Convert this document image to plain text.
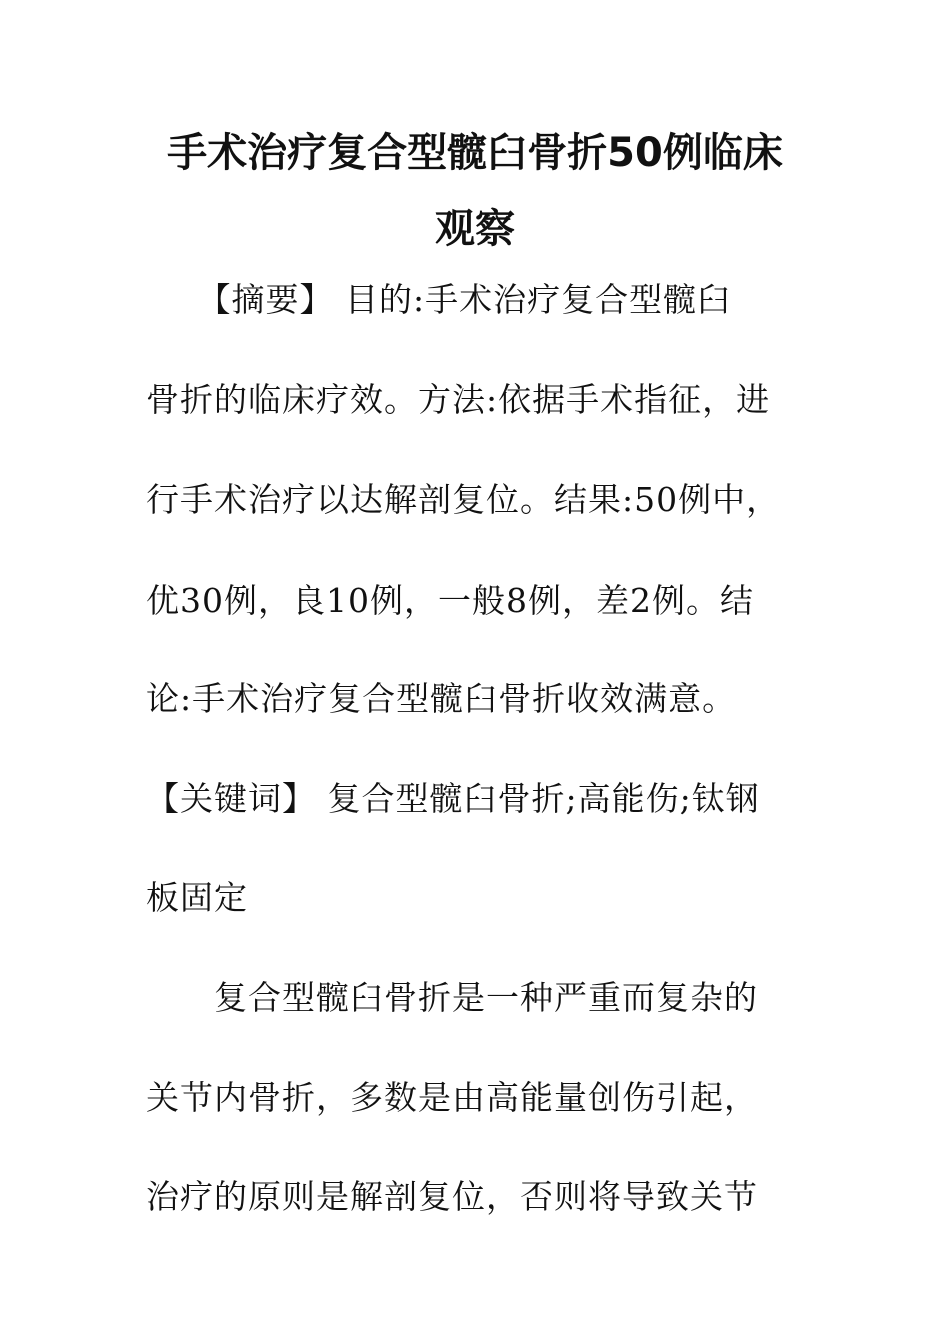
手术治疗复合型髋臼骨折50例临床
观察
　　【摘要】 目的:手术治疗复合型髋臼
骨折的临床疗效。方法:依据手术指征，进
行手术治疗以达解剖复位。结果:50例中，
优30例，良10例，一般8例，差2例。结
论:手术治疗复合型髋臼骨折收效满意。
【关键词】 复合型髋臼骨折;高能伤;钛钢
板固定
　　复合型髋臼骨折是一种严重而复杂的
关节内骨折，多数是由高能量创伤引起，
治疗的原则是解剖复位，否则将导致关节
